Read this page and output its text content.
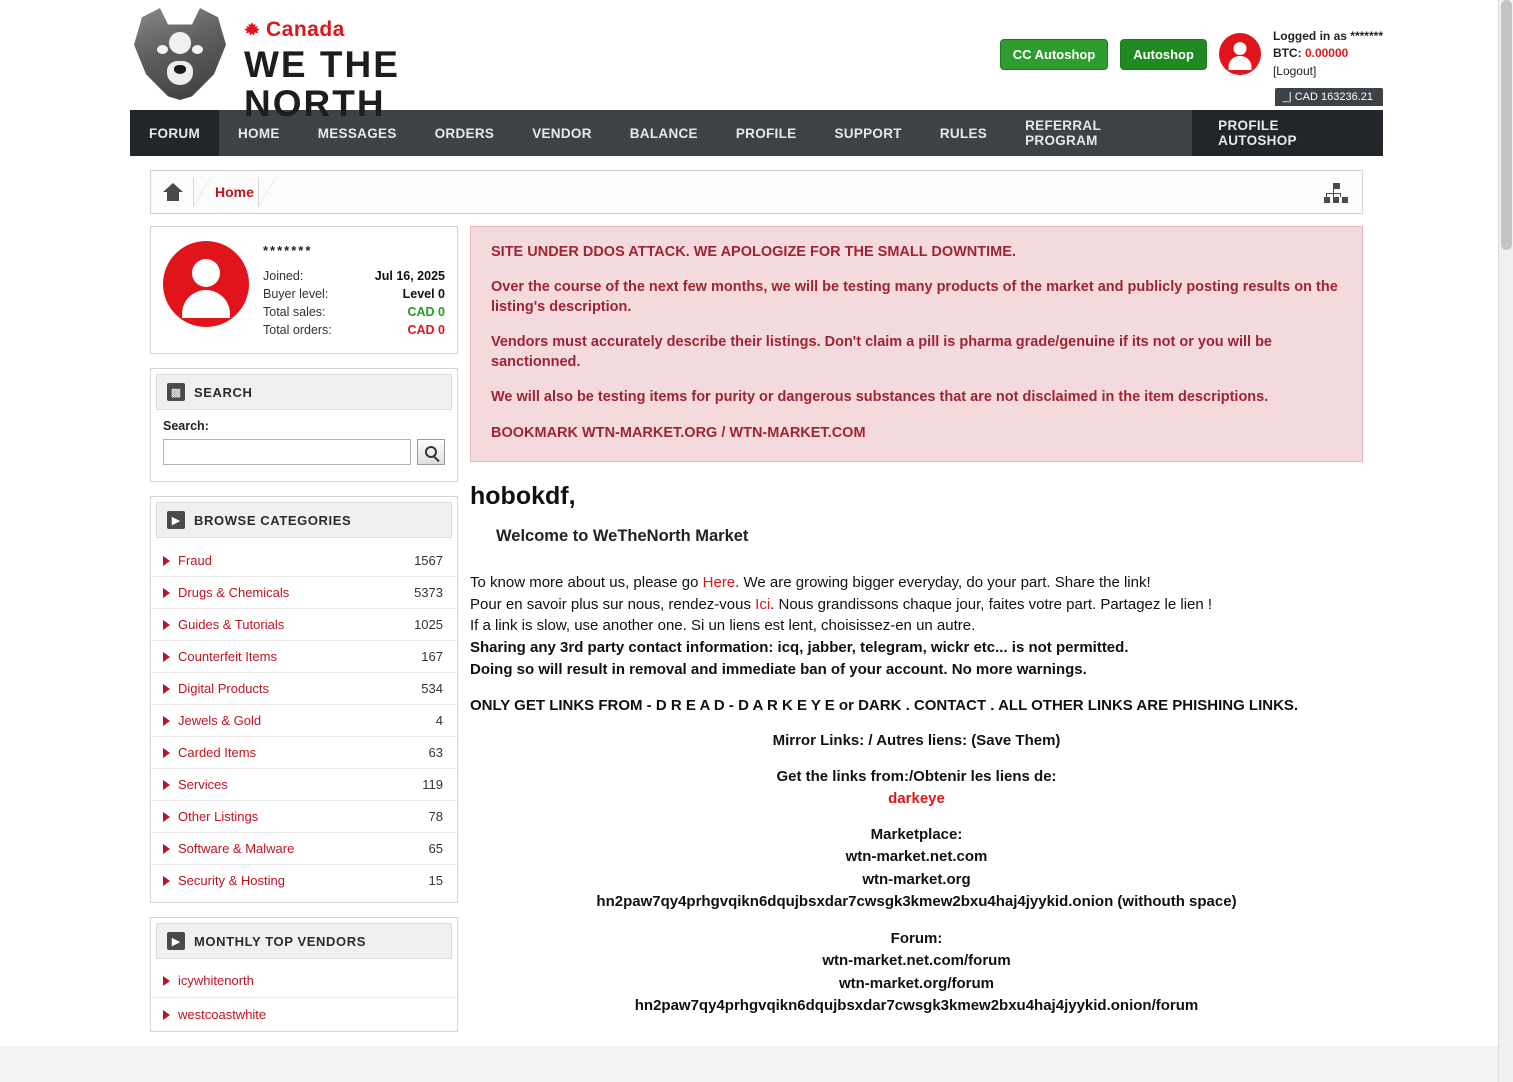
Canada
WE THE
NORTH
CC Autoshop	Autoshop
Logged in as *******
BTC: 0.00000
[Logout]
_| CAD 163236.21
FORUM	HOME	MESSAGES	ORDERS	VENDOR	BALANCE	PROFILE	SUPPORT	RULES	REFERRAL PROGRAM
PROFILE AUTOSHOP
Home
*******
Joined:	Jul 16, 2025
Buyer level:	Level 0
Total sales:	CAD 0
Total orders:	CAD 0
▩ SEARCH
Search:
▶	BROWSE CATEGORIES
Fraud	1567
Drugs & Chemicals	5373
Guides & Tutorials	1025
Counterfeit Items	167
Digital Products	534
Jewels & Gold	4
Carded Items	63
Services	119
Other Listings	78
Software & Malware	65
Security & Hosting	15
▶	MONTHLY TOP VENDORS
icywhitenorth
westcoastwhite

SITE UNDER DDOS ATTACK. WE APOLOGIZE FOR THE SMALL DOWNTIME.

Over the course of the next few months, we will be testing many products of the market and publicly posting results on the listing's description.

Vendors must accurately describe their listings. Don't claim a pill is pharma grade/genuine if its not or you will be sanctionned.

We will also be testing items for purity or dangerous substances that are not disclaimed in the item descriptions.

BOOKMARK WTN-MARKET.ORG / WTN-MARKET.COM

hobokdf,
Welcome to WeTheNorth Market
To know more about us, please go Here. We are growing bigger everyday, do your part. Share the link!
Pour en savoir plus sur nous, rendez-vous Ici. Nous grandissons chaque jour, faites votre part. Partagez le lien !
If a link is slow, use another one. Si un liens est lent, choisissez-en un autre.
Sharing any 3rd party contact information: icq, jabber, telegram, wickr etc... is not permitted.
Doing so will result in removal and immediate ban of your account. No more warnings.
ONLY GET LINKS FROM - D R E A D - D A R K E Y E or DARK . CONTACT . ALL OTHER LINKS ARE PHISHING LINKS.
Mirror Links: / Autres liens: (Save Them)
Get the links from:/Obtenir les liens de:
darkeye
Marketplace:
wtn-market.net.com
wtn-market.org
hn2paw7qy4prhgvqikn6dqujbsxdar7cwsgk3kmew2bxu4haj4jyykid.onion (withouth space)
Forum:
wtn-market.net.com/forum
wtn-market.org/forum
hn2paw7qy4prhgvqikn6dqujbsxdar7cwsgk3kmew2bxu4haj4jyykid.onion/forum
